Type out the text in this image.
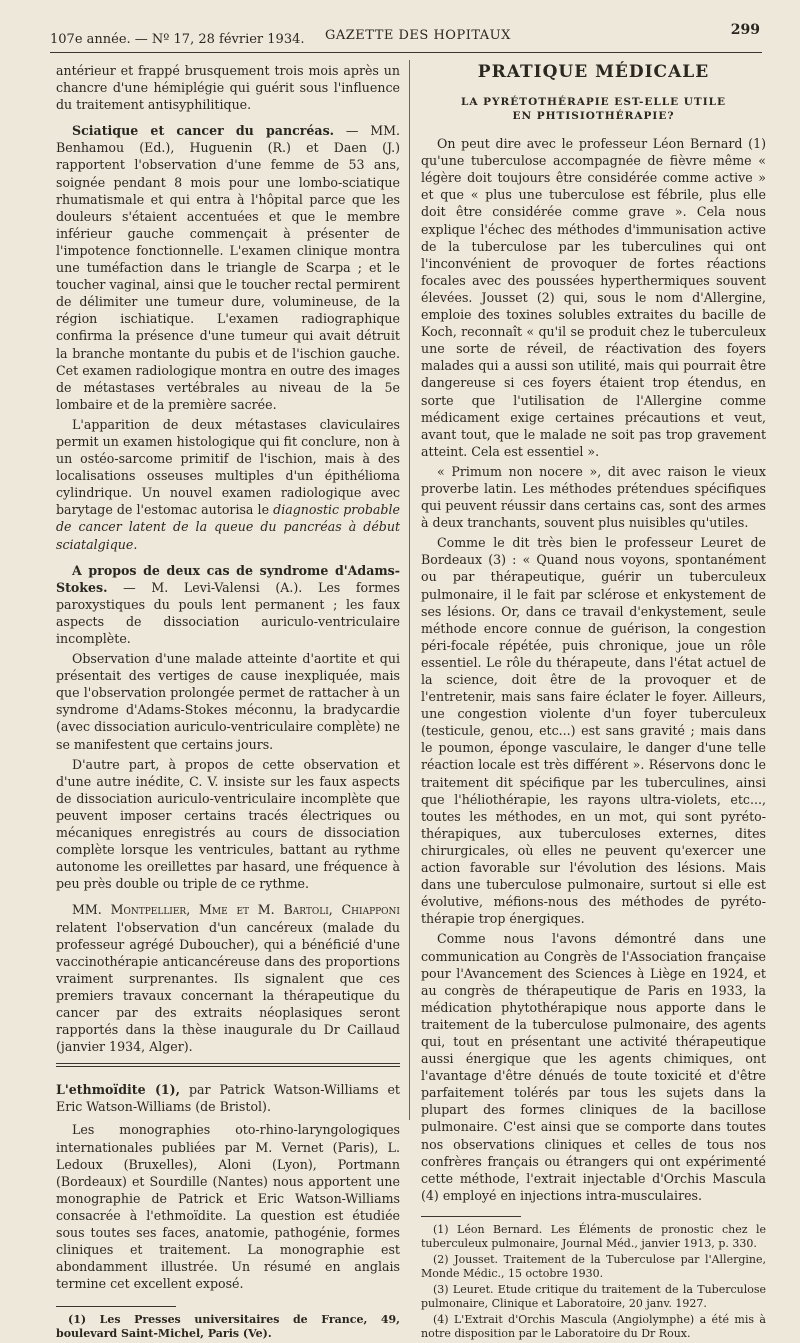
107e année. — Nº 17, 28 février 1934. GAZETTE DES HOPITAUX	299

antérieur et frappé brusquement trois mois après un chancre d'une hémiplégie qui guérit sous l'influence du traitement antisyphilitique.

Sciatique et cancer du pancréas. — MM. Benhamou (Ed.), Huguenin (R.) et Daen (J.) rapportent l'observation d'une femme de 53 ans, soignée pendant 8 mois pour une lombo-sciatique rhumatismale et qui entra à l'hôpital parce que les douleurs s'étaient accentuées et que le membre inférieur gauche commençait à présenter de l'impotence fonctionnelle. L'examen clinique montra une tuméfaction dans le triangle de Scarpa ; et le toucher vaginal, ainsi que le toucher rectal permirent de délimiter une tumeur dure, volumineuse, de la région ischiatique. L'examen radiographique confirma la présence d'une tumeur qui avait détruit la branche montante du pubis et de l'ischion gauche. Cet examen radiologique montra en outre des images de métastases vertébrales au niveau de la 5e lombaire et de la première sacrée.

L'apparition de deux métastases claviculaires permit un examen histologique qui fit conclure, non à un ostéo-sarcome primitif de l'ischion, mais à des localisations osseuses multiples d'un épithélioma cylindrique. Un nouvel examen radiologique avec barytage de l'estomac autorisa le diagnostic probable de cancer latent de la queue du pancréas à début sciatalgique.

A propos de deux cas de syndrome d'Adams-Stokes. — M. Levi-Valensi (A.). Les formes paroxystiques du pouls lent permanent ; les faux aspects de dissociation auriculo-ventriculaire incomplète.

Observation d'une malade atteinte d'aortite et qui présentait des vertiges de cause inexpliquée, mais que l'observation prolongée permet de rattacher à un syndrome d'Adams-Stokes méconnu, la bradycardie (avec dissociation auriculo-ventriculaire complète) ne se manifestent que certains jours.

D'autre part, à propos de cette observation et d'une autre inédite, C. V. insiste sur les faux aspects de dissociation auriculo-ventriculaire incomplète que peuvent imposer certains tracés électriques ou mécaniques enregistrés au cours de dissociation complète lorsque les ventricules, battant au rythme autonome les oreillettes par hasard, une fréquence à peu près double ou triple de ce rythme.

MM. Montpellier, Mme et M. Bartoli, Chiapponi relatent l'observation d'un cancéreux (malade du professeur agrégé Duboucher), qui a bénéficié d'une vaccinothérapie anticancéreuse dans des proportions vraiment surprenantes. Ils signalent que ces premiers travaux concernant la thérapeutique du cancer par des extraits néoplasiques seront rapportés dans la thèse inaugurale du Dr Caillaud (janvier 1934, Alger).

L'ethmoïdite (1), par Patrick Watson-Williams et Eric Watson-Williams (de Bristol).

Les monographies oto-rhino-laryngologiques internationales publiées par M. Vernet (Paris), L. Ledoux (Bruxelles), Aloni (Lyon), Portmann (Bordeaux) et Sourdille (Nantes) nous apportent une monographie de Patrick et Eric Watson-Williams consacrée à l'ethmoïdite. La question est étudiée sous toutes ses faces, anatomie, pathogénie, formes cliniques et traitement. La monographie est abondamment illustrée. Un résumé en anglais termine cet excellent exposé.

(1) Les Presses universitaires de France, 49, boulevard Saint-Michel, Paris (Ve).

PRATIQUE MÉDICALE
LA PYRÉTOTHÉRAPIE EST-ELLE UTILE
EN PHTISIOTHÉRAPIE?

On peut dire avec le professeur Léon Bernard (1) qu'une tuberculose accompagnée de fièvre même « légère doit toujours être considérée comme active » et que « plus une tuberculose est fébrile, plus elle doit être considérée comme grave ». Cela nous explique l'échec des méthodes d'immunisation active de la tuberculose par les tuberculines qui ont l'inconvénient de provoquer de fortes réactions focales avec des poussées hyperthermiques souvent élevées. Jousset (2) qui, sous le nom d'Allergine, emploie des toxines solubles extraites du bacille de Koch, reconnaît « qu'il se produit chez le tuberculeux une sorte de réveil, de réactivation des foyers malades qui a aussi son utilité, mais qui pourrait être dangereuse si ces foyers étaient trop étendus, en sorte que l'utilisation de l'Allergine comme médicament exige certaines précautions et veut, avant tout, que le malade ne soit pas trop gravement atteint. Cela est essentiel ».

« Primum non nocere », dit avec raison le vieux proverbe latin. Les méthodes prétendues spécifiques qui peuvent réussir dans certains cas, sont des armes à deux tranchants, souvent plus nuisibles qu'utiles.

Comme le dit très bien le professeur Leuret de Bordeaux (3) : « Quand nous voyons, spontanément ou par thérapeutique, guérir un tuberculeux pulmonaire, il le fait par sclérose et enkystement de ses lésions. Or, dans ce travail d'enkystement, seule méthode encore connue de guérison, la congestion péri-focale répétée, puis chronique, joue un rôle essentiel. Le rôle du thérapeute, dans l'état actuel de la science, doit être de la provoquer et de l'entretenir, mais sans faire éclater le foyer. Ailleurs, une congestion violente d'un foyer tuberculeux (testicule, genou, etc...) est sans gravité ; mais dans le poumon, éponge vasculaire, le danger d'une telle réaction locale est très différent ». Réservons donc le traitement dit spécifique par les tuberculines, ainsi que l'héliothérapie, les rayons ultra-violets, etc..., toutes les méthodes, en un mot, qui sont pyréto-thérapiques, aux tuberculoses externes, dites chirurgicales, où elles ne peuvent qu'exercer une action favorable sur l'évolution des lésions. Mais dans une tuberculose pulmonaire, surtout si elle est évolutive, méfions-nous des méthodes de pyréto-thérapie trop énergiques.

Comme nous l'avons démontré dans une communication au Congrès de l'Association française pour l'Avancement des Sciences à Liège en 1924, et au congrès de thérapeutique de Paris en 1933, la médication phytothérapique nous apporte dans le traitement de la tuberculose pulmonaire, des agents qui, tout en présentant une activité thérapeutique aussi énergique que les agents chimiques, ont l'avantage d'être dénués de toute toxicité et d'être parfaitement tolérés par tous les sujets dans la plupart des formes cliniques de la bacillose pulmonaire. C'est ainsi que se comporte dans toutes nos observations cliniques et celles de tous nos confrères français ou étrangers qui ont expérimenté cette méthode, l'extrait injectable d'Orchis Mascula (4) employé en injections intra-musculaires.

(1) Léon Bernard. Les Éléments de pronostic chez le tuberculeux pulmonaire, Journal Méd., janvier 1913, p. 330.

(2) Jousset. Traitement de la Tuberculose par l'Allergine, Monde Médic., 15 octobre 1930.

(3) Leuret. Etude critique du traitement de la Tuberculose pulmonaire, Clinique et Laboratoire, 20 janv. 1927.

(4) L'Extrait d'Orchis Mascula (Angiolymphe) a été mis à notre disposition par le Laboratoire du Dr Roux.
